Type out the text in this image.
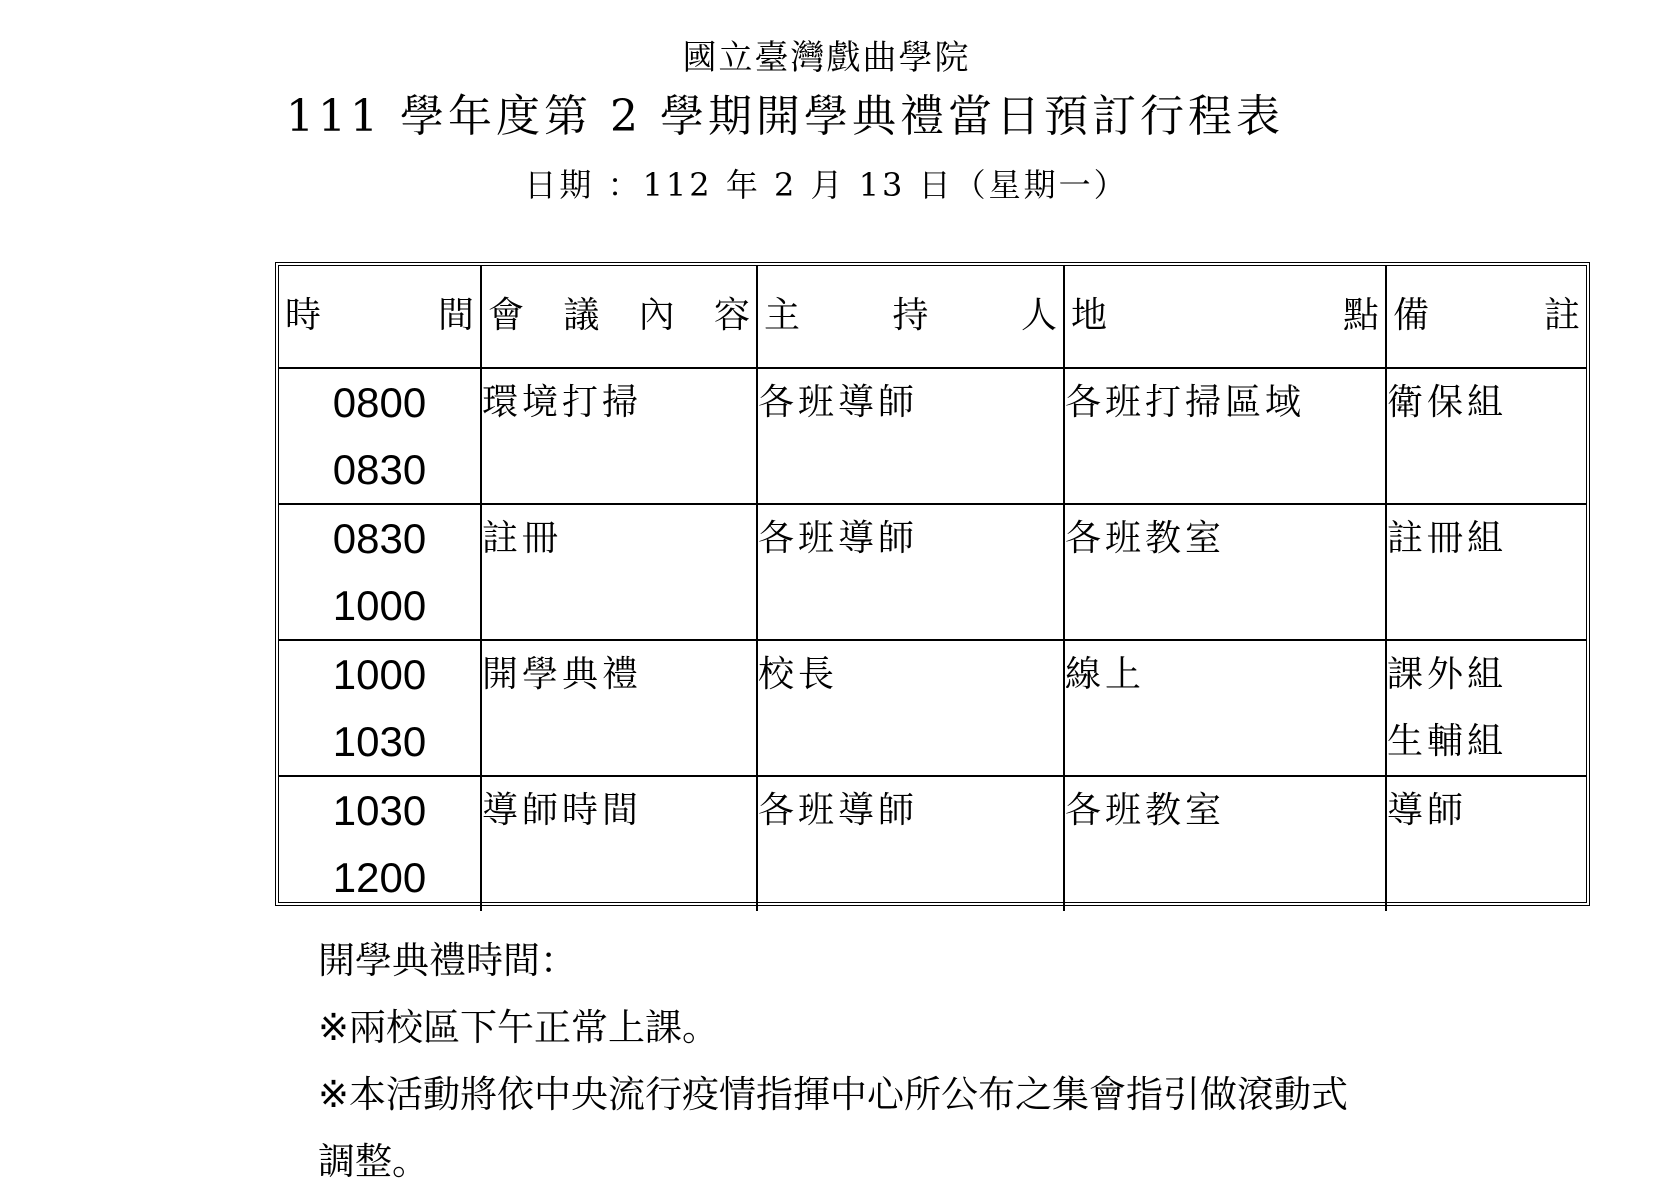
國立臺灣戲曲學院
111 學年度第 2 學期開學典禮當日預訂行程表
日期 ：112 年 2 月 13 日（星期一）
時 間	會 議 內 容	主 持 人	地 點	備 註

0800
0830	環境打掃	各班導師	各班打掃區域	衛保組

0830
1000	註冊	各班導師	各班教室	註冊組

1000
1030	開學典禮	校長	線上	課外組
生輔組

1030
1200	導師時間	各班導師	各班教室	導師
開學典禮時間：
※兩校區下午正常上課。
※本活動將依中央流行疫情指揮中心所公布之集會指引做滾動式
調整。
